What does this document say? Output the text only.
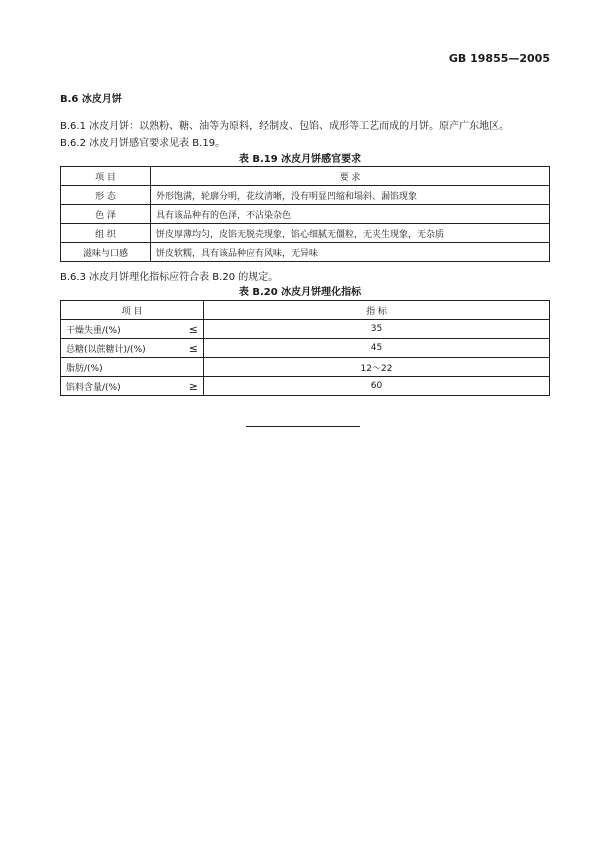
GB 19855—2005
B.6 冰皮月饼
B.6.1 冰皮月饼：以熟粉、糖、油等为原料，经制皮、包馅、成形等工艺而成的月饼。原产广东地区。
B.6.2 冰皮月饼感官要求见表 B.19。
表 B.19 冰皮月饼感官要求
项 目	要 求
形 态	外形饱满，轮廓分明，花纹清晰，没有明显凹缩和塌斜、漏馅现象
色 泽	具有该品种有的色泽，不沾染杂色
组 织	饼皮厚薄均匀，皮馅无脱壳现象，馅心细腻无僵粒，无夹生现象，无杂质
滋味与口感	饼皮软糯，具有该品种应有风味，无异味
B.6.3 冰皮月饼理化指标应符合表 B.20 的规定。
表 B.20 冰皮月饼理化指标
项 目		指 标
干燥失重/(%)	≤	35
总糖(以蔗糖计)/(%)	≤	45
脂肪/(%)		12～22
馅料含量/(%)	≥	60
